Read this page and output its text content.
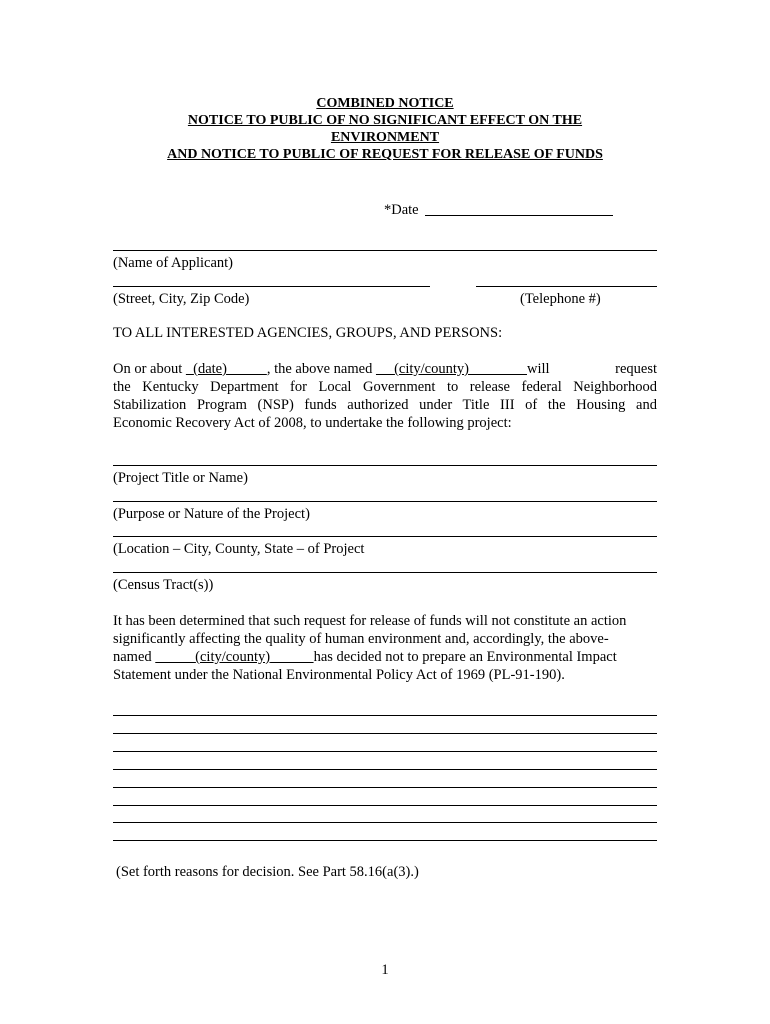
COMBINED NOTICE
NOTICE TO PUBLIC OF NO SIGNIFICANT EFFECT ON THE
ENVIRONMENT
AND NOTICE TO PUBLIC OF REQUEST FOR RELEASE OF FUNDS
*Date
(Name of Applicant)
(Street, City, Zip Code)	(Telephone #)
TO ALL INTERESTED AGENCIES, GROUPS, AND PERSONS:
On or about (date)	, the above named (city/county)	will	request
the Kentucky Department for Local Government to release federal Neighborhood
Stabilization Program (NSP) funds authorized under Title III of the Housing and
Economic Recovery Act of 2008, to undertake the following project:
(Project Title or Name)
(Purpose or Nature of the Project)
(Location – City, County, State – of Project
(Census Tract(s))
It has been determined that such request for release of funds will not constitute an action
significantly affecting the quality of human environment and, accordingly, the above-
named	(city/county)	has decided not to prepare an Environmental Impact
Statement under the National Environmental Policy Act of 1969 (PL-91-190).
(Set forth reasons for decision. See Part 58.16(a(3).)
1
